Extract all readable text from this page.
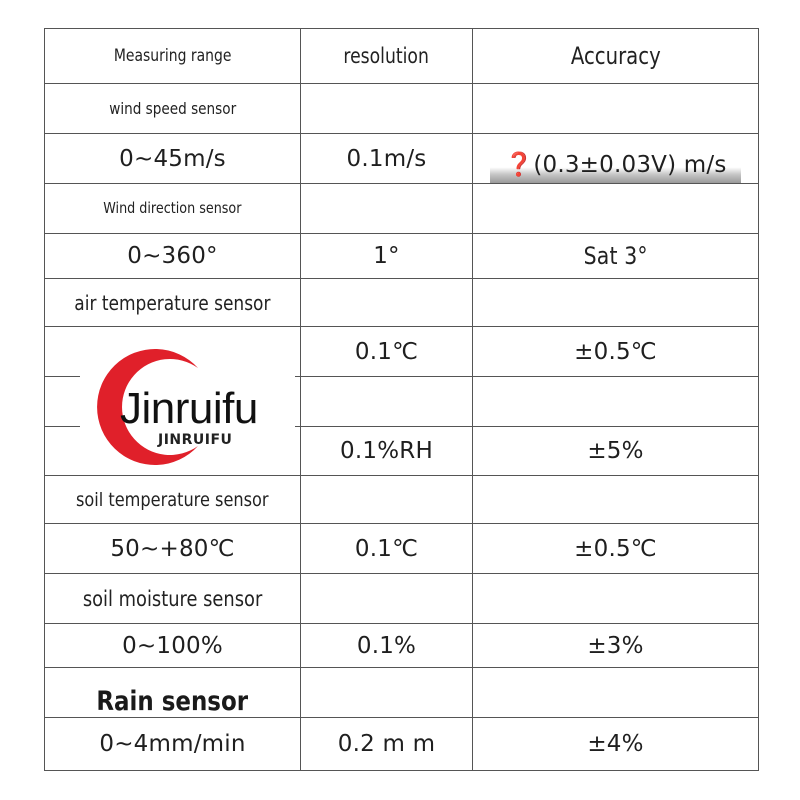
Measuring range	resolution	Accuracy
wind speed sensor		
0~45m/s	0.1m/s	❓(0.3±0.03V) m/s
Wind direction sensor		
0~360°	1°	Sat 3°
air temperature sensor		
	0.1℃	±0.5℃

	0.1%RH	±5%
soil temperature sensor		
50~+80℃	0.1℃	±0.5℃
soil moisture sensor		
0~100%	0.1%	±3%
Rain sensor		
0~4mm/min	0.2 m m	±4%
Jinruifu
JINRUIFU
